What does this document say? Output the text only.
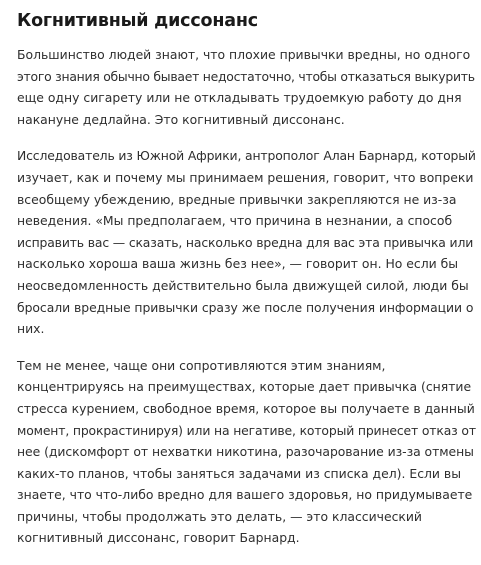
Когнитивный диссонанс

Большинство людей знают, что плохие привычки вредны, но одного
этого знания обычно бывает недостаточно, чтобы отказаться выкурить
еще одну сигарету или не откладывать трудоемкую работу до дня
накануне дедлайна. Это когнитивный диссонанс.

Исследователь из Южной Африки, антрополог Алан Барнард, который
изучает, как и почему мы принимаем решения, говорит, что вопреки
всеобщему убеждению, вредные привычки закрепляются не из-за
неведения. «Мы предполагаем, что причина в незнании, а способ
исправить вас — сказать, насколько вредна для вас эта привычка или
насколько хороша ваша жизнь без нее», — говорит он. Но если бы
неосведомленность действительно была движущей силой, люди бы
бросали вредные привычки сразу же после получения информации о
них.

Тем не менее, чаще они сопротивляются этим знаниям,
концентрируясь на преимуществах, которые дает привычка (снятие
стресса курением, свободное время, которое вы получаете в данный
момент, прокрастинируя) или на негативе, который принесет отказ от
нее (дискомфорт от нехватки никотина, разочарование из-за отмены
каких-то планов, чтобы заняться задачами из списка дел). Если вы
знаете, что что-либо вредно для вашего здоровья, но придумываете
причины, чтобы продолжать это делать, — это классический
когнитивный диссонанс, говорит Барнард.
